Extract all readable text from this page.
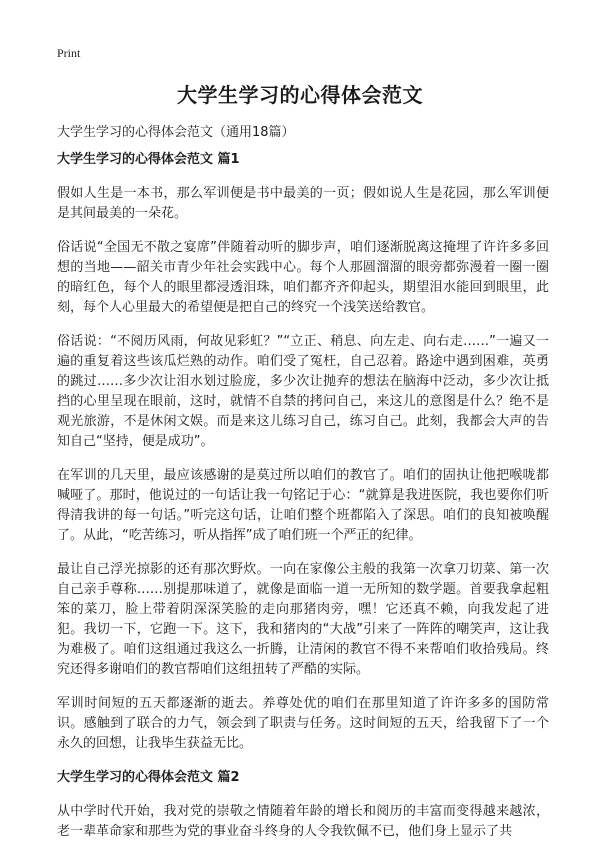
Print
大学生学习的心得体会范文

大学生学习的心得体会范文（通用18篇）

大学生学习的心得体会范文 篇1

假如人生是一本书，那么军训便是书中最美的一页；假如说人生是花园，那么军训便是其间最美的一朵花。

俗话说“全国无不散之宴席”伴随着动听的脚步声，咱们逐渐脱离这掩埋了许许多多回想的当地——韶关市青少年社会实践中心。每个人那圆溜溜的眼旁都弥漫着一圈一圈的暗红色，每个人的眼里都浸透泪珠，咱们都齐齐仰起头，期望泪水能回到眼里，此刻，每个人心里最大的希望便是把自己的终究一个浅笑送给教官。

俗话说：“不阅历风雨，何故见彩虹？”“立正、稍息、向左走、向右走……”一遍又一遍的重复着这些该瓜烂熟的动作。咱们受了冤枉，自己忍着。路途中遇到困难，英勇的跳过……多少次让泪水划过脸庞，多少次让抛弃的想法在脑海中泛动，多少次让抵挡的心里呈现在眼前，这时，就情不自禁的拷问自己，来这儿的意图是什么？绝不是观光旅游，不是休闲文娱。而是来这儿练习自己，练习自己。此刻，我都会大声的告知自己“坚持，便是成功”。

在军训的几天里，最应该感谢的是莫过所以咱们的教官了。咱们的固执让他把喉咙都喊哑了。那时，他说过的一句话让我一句铭记于心：“就算是我进医院，我也要你们听得清我讲的每一句话。”听完这句话，让咱们整个班都陷入了深思。咱们的良知被唤醒了。从此，“吃苦练习，听从指挥”成了咱们班一个严正的纪律。

最让自己浮光掠影的还有那次野炊。一向在家像公主般的我第一次拿刀切菜、第一次自己亲手尊称……别提那味道了，就像是面临一道一无所知的数学题。首要我拿起粗笨的菜刀，脸上带着阴深深笑脸的走向那猪肉旁，嘿！它还真不赖，向我发起了进犯。我切一下，它跑一下。这下，我和猪肉的“大战”引来了一阵阵的嘲笑声，这让我为难极了。咱们这组通过我这么一折腾，让清闲的教官不得不来帮咱们收拾残局。终究还得多谢咱们的教官帮咱们这组扭转了严酷的实际。

军训时间短的五天都逐渐的逝去。养尊处优的咱们在那里知道了许许多多的国防常识。感触到了联合的力气，领会到了职责与任务。这时间短的五天，给我留下了一个永久的回想，让我毕生获益无比。

大学生学习的心得体会范文 篇2

从中学时代开始，我对党的崇敬之情随着年龄的增长和阅历的丰富而变得越来越浓，老一辈革命家和那些为党的事业奋斗终身的人令我钦佩不已，他们身上显示了共
